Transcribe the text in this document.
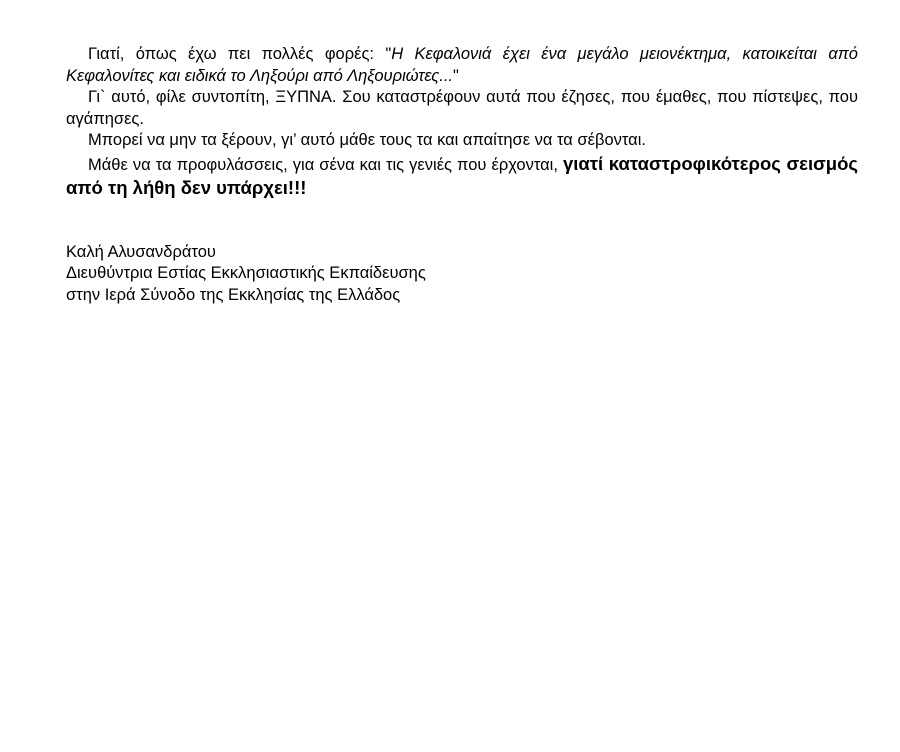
Γιατί, όπως έχω πει πολλές φορές: "Η Κεφαλονιά έχει ένα μεγάλο μειονέκτημα, κατοικείται από Κεφαλονίτες και ειδικά το Ληξούρι από Ληξουριώτες..."

Γι` αυτό, φίλε συντοπίτη, ΞΥΠΝΑ. Σου καταστρέφουν αυτά που έζησες, που έμαθες, που πίστεψες, που αγάπησες.

Μπορεί να μην τα ξέρουν, γι’ αυτό μάθε τους τα και απαίτησε να τα σέβονται.

Μάθε να τα προφυλάσσεις, για σένα και τις γενιές που έρχονται, γιατί καταστροφικότερος σεισμός από τη λήθη δεν υπάρχει!!!

Καλή Αλυσανδράτου
Διευθύντρια Εστίας Εκκλησιαστικής Εκπαίδευσης
στην Ιερά Σύνοδο της Εκκλησίας της Ελλάδος
